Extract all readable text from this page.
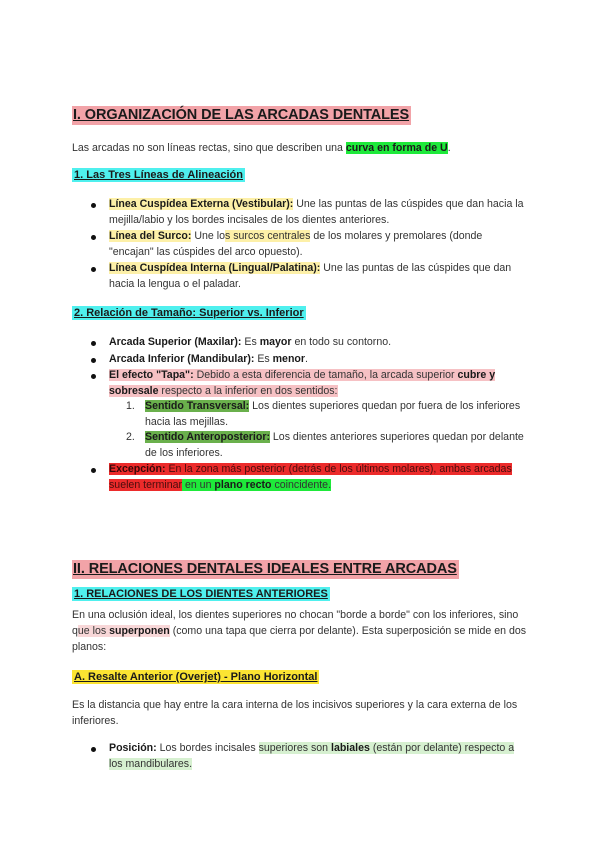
I. ORGANIZACIÓN DE LAS ARCADAS DENTALES
Las arcadas no son líneas rectas, sino que describen una curva en forma de U.
1. Las Tres Líneas de Alineación
Línea Cuspídea Externa (Vestibular): Une las puntas de las cúspides que dan hacia la mejilla/labio y los bordes incisales de los dientes anteriores.
Línea del Surco: Une los surcos centrales de los molares y premolares (donde "encajan" las cúspides del arco opuesto).
Línea Cuspídea Interna (Lingual/Palatina): Une las puntas de las cúspides que dan hacia la lengua o el paladar.
2. Relación de Tamaño: Superior vs. Inferior
Arcada Superior (Maxilar): Es mayor en todo su contorno.
Arcada Inferior (Mandibular): Es menor.
El efecto "Tapa": Debido a esta diferencia de tamaño, la arcada superior cubre y sobresale respecto a la inferior en dos sentidos:
1. Sentido Transversal: Los dientes superiores quedan por fuera de los inferiores hacia las mejillas.
2. Sentido Anteroposterior: Los dientes anteriores superiores quedan por delante de los inferiores.
Excepción: En la zona más posterior (detrás de los últimos molares), ambas arcadas suelen terminar en un plano recto coincidente.
II. RELACIONES DENTALES IDEALES ENTRE ARCADAS
1. RELACIONES DE LOS DIENTES ANTERIORES
En una oclusión ideal, los dientes superiores no chocan "borde a borde" con los inferiores, sino que los superponen (como una tapa que cierra por delante). Esta superposición se mide en dos planos:
A. Resalte Anterior (Overjet) - Plano Horizontal
Es la distancia que hay entre la cara interna de los incisivos superiores y la cara externa de los inferiores.
Posición: Los bordes incisales superiores son labiales (están por delante) respecto a los mandibulares.
